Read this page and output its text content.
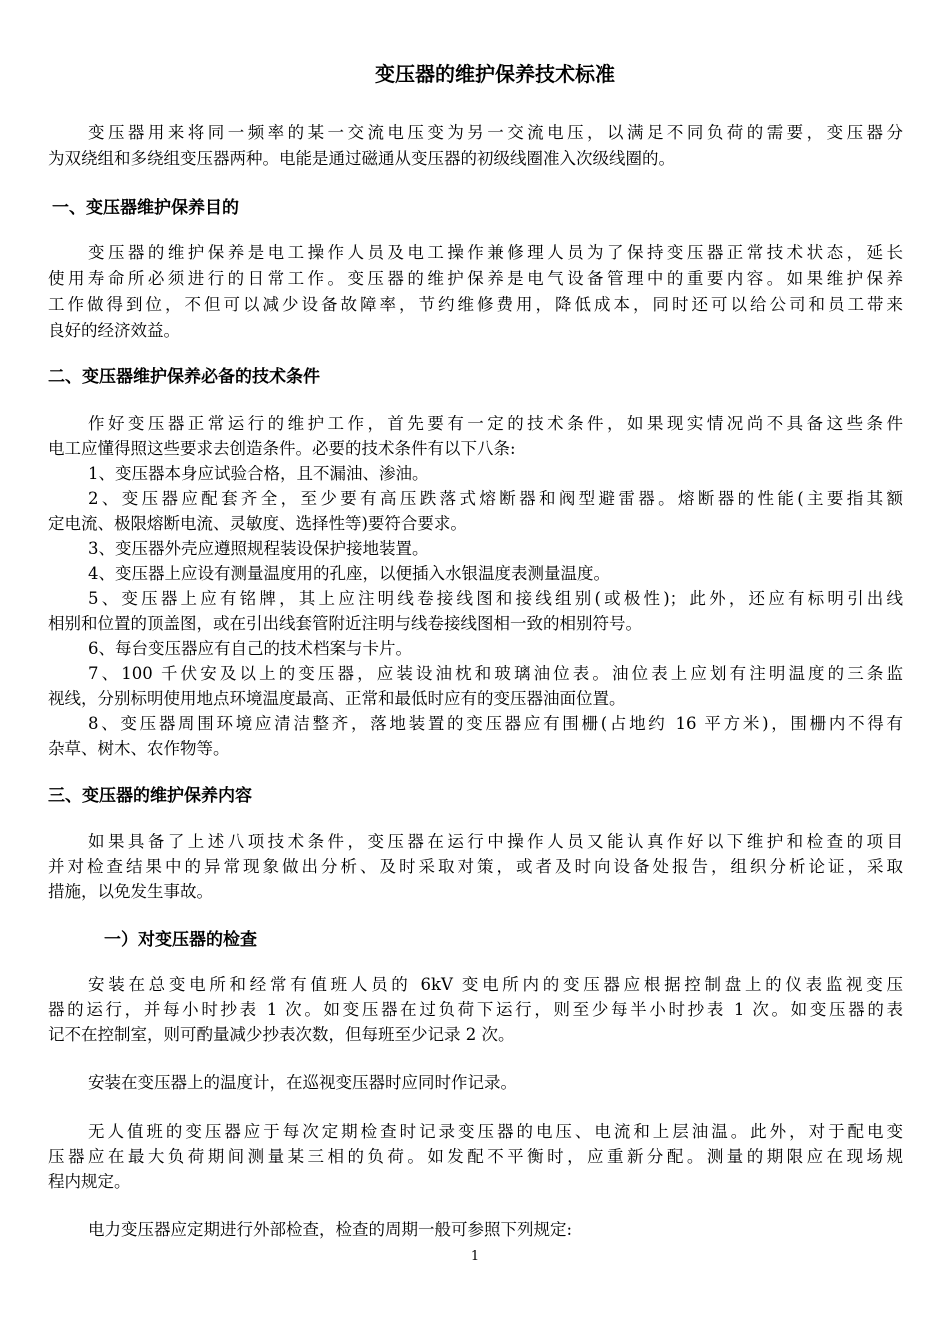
变压器的维护保养技术标准
变压器用来将同一频率的某一交流电压变为另一交流电压，以满足不同负荷的需要，变压器分
为双绕组和多绕组变压器两种。电能是通过磁通从变压器的初级线圈准入次级线圈的。
一、变压器维护保养目的
变压器的维护保养是电工操作人员及电工操作兼修理人员为了保持变压器正常技术状态，延长
使用寿命所必须进行的日常工作。变压器的维护保养是电气设备管理中的重要内容。如果维护保养
工作做得到位，不但可以减少设备故障率，节约维修费用，降低成本，同时还可以给公司和员工带来
良好的经济效益。
二、变压器维护保养必备的技术条件
作好变压器正常运行的维护工作，首先要有一定的技术条件，如果现实情况尚不具备这些条件
电工应懂得照这些要求去创造条件。必要的技术条件有以下八条:
1、变压器本身应试验合格，且不漏油、渗油。
2、变压器应配套齐全，至少要有高压跌落式熔断器和阀型避雷器。熔断器的性能(主要指其额
定电流、极限熔断电流、灵敏度、选择性等)要符合要求。
3、变压器外壳应遵照规程装设保护接地装置。
4、变压器上应设有测量温度用的孔座，以便插入水银温度表测量温度。
5、变压器上应有铭牌，其上应注明线卷接线图和接线组别(或极性)；此外，还应有标明引出线
相别和位置的顶盖图，或在引出线套管附近注明与线卷接线图相一致的相别符号。
6、每台变压器应有自己的技术档案与卡片。
7、100 千伏安及以上的变压器，应装设油枕和玻璃油位表。油位表上应划有注明温度的三条监
视线，分别标明使用地点环境温度最高、正常和最低时应有的变压器油面位置。
8、变压器周围环境应清洁整齐，落地装置的变压器应有围栅(占地约 16 平方米)，围栅内不得有
杂草、树木、农作物等。
三、变压器的维护保养内容
如果具备了上述八项技术条件，变压器在运行中操作人员又能认真作好以下维护和检查的项目
并对检查结果中的异常现象做出分析、及时采取对策，或者及时向设备处报告，组织分析论证，采取
措施，以免发生事故。
一）对变压器的检查
安装在总变电所和经常有值班人员的 6kV 变电所内的变压器应根据控制盘上的仪表监视变压
器的运行，并每小时抄表 1 次。如变压器在过负荷下运行，则至少每半小时抄表 1 次。如变压器的表
记不在控制室，则可酌量减少抄表次数，但每班至少记录 2 次。
安装在变压器上的温度计，在巡视变压器时应同时作记录。
无人值班的变压器应于每次定期检查时记录变压器的电压、电流和上层油温。此外，对于配电变
压器应在最大负荷期间测量某三相的负荷。如发配不平衡时，应重新分配。测量的期限应在现场规
程内规定。
电力变压器应定期进行外部检查，检查的周期一般可参照下列规定:
1
